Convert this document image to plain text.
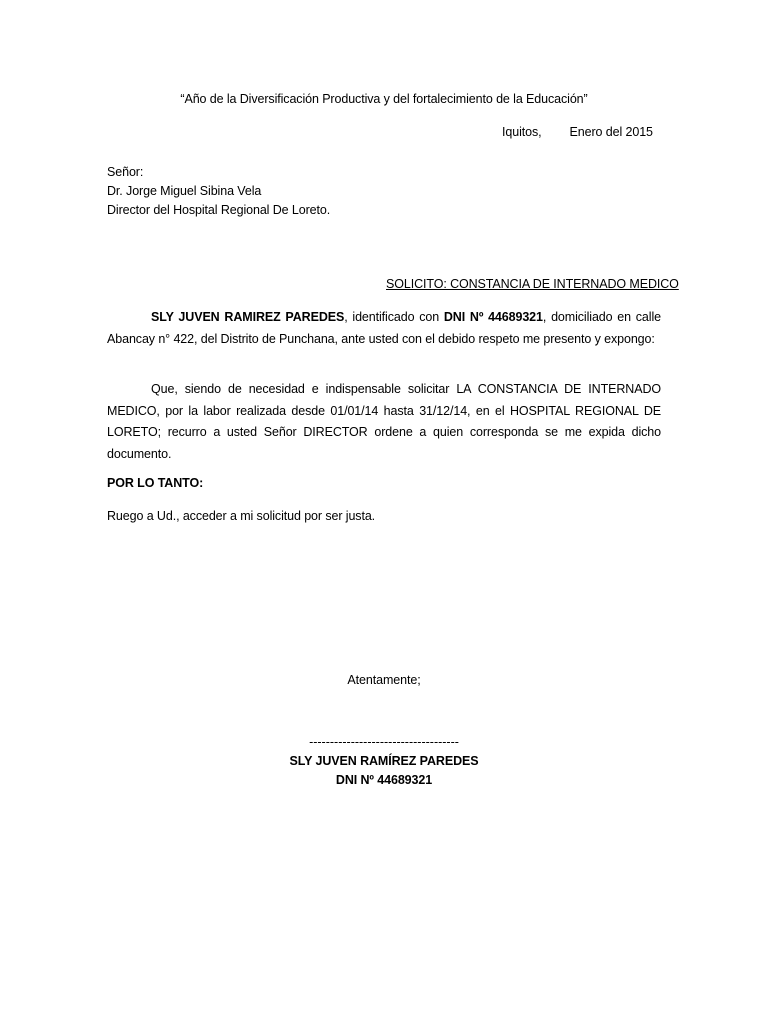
“Año de la Diversificación Productiva y del fortalecimiento de la Educación”
Iquitos, Enero del 2015
Señor:
Dr. Jorge Miguel Sibina Vela
Director del Hospital Regional De Loreto.
SOLICITO: CONSTANCIA DE INTERNADO MEDICO
SLY JUVEN RAMIREZ PAREDES, identificado con DNI Nº 44689321, domiciliado en calle Abancay n° 422, del Distrito de Punchana, ante usted con el debido respeto me presento y expongo:
Que, siendo de necesidad e indispensable solicitar LA CONSTANCIA DE INTERNADO MEDICO, por la labor realizada desde 01/01/14 hasta 31/12/14, en el HOSPITAL REGIONAL DE LORETO; recurro a usted Señor DIRECTOR ordene a quien corresponda se me expida dicho documento.
POR LO TANTO:
Ruego a Ud., acceder a mi solicitud por ser justa.
Atentamente;
------------------------------------
SLY JUVEN RAMÍREZ PAREDES
DNI Nº 44689321
